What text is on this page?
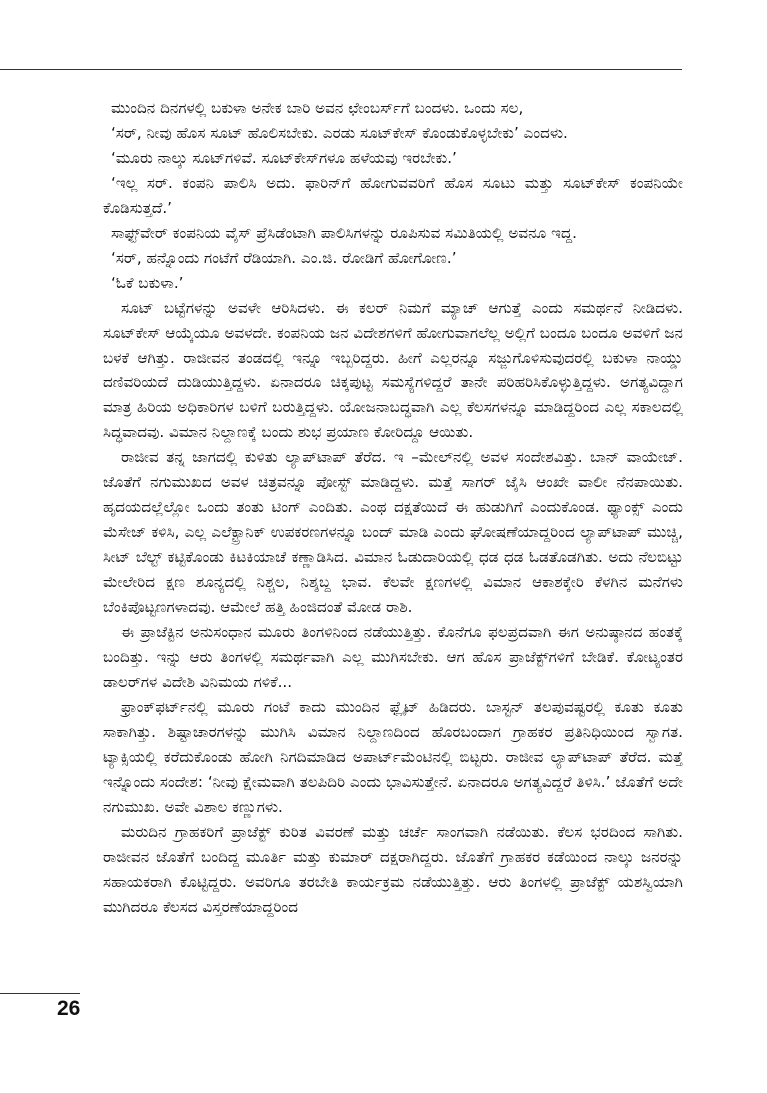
ಮುಂದಿನ ದಿನಗಳಲ್ಲಿ ಬಕುಳಾ ಅನೇಕ ಬಾರಿ ಅವನ ಛೇಂಬರ್ಸ್‌ಗೆ ಬಂದಳು. ಒಂದು ಸಲ,

‘ಸರ್, ನೀವು ಹೊಸ ಸೂಟ್ ಹೊಲಿಸಬೇಕು. ಎರಡು ಸೂಟ್‌ಕೇಸ್ ಕೊಂಡುಕೊಳ್ಳಬೇಕು’ ಎಂದಳು.

‘ಮೂರು ನಾಲ್ಕು ಸೂಟ್‌ಗಳಿವೆ. ಸೂಟ್‌ಕೇಸ್‌ಗಳೂ ಹಳೆಯವು ಇರಬೇಕು.’

‘ಇಲ್ಲ ಸರ್. ಕಂಪನಿ ಪಾಲಿಸಿ ಅದು. ಫಾರಿನ್‌ಗೆ ಹೋಗುವವರಿಗೆ ಹೊಸ ಸೂಟು ಮತ್ತು ಸೂಟ್‌ಕೇಸ್ ಕಂಪನಿಯೇ ಕೊಡಿಸುತ್ತದೆ.’

ಸಾಫ್ಟ್‌ವೇರ್ ಕಂಪನಿಯ ವೈಸ್ ಪ್ರೆಸಿಡೆಂಟಾಗಿ ಪಾಲಿಸಿಗಳನ್ನು ರೂಪಿಸುವ ಸಮಿತಿಯಲ್ಲಿ ಅವನೂ ಇದ್ದ.

‘ಸರ್, ಹನ್ನೊಂದು ಗಂಟೆಗೆ ರೆಡಿಯಾಗಿ. ಎಂ.ಜಿ. ರೋಡಿಗೆ ಹೋಗೋಣ.’

‘ಓಕೆ ಬಕುಳಾ.’

ಸೂಟ್ ಬಟ್ಟೆಗಳನ್ನು ಅವಳೇ ಆರಿಸಿದಳು. ಈ ಕಲರ್ ನಿಮಗೆ ಮ್ಯಾಚ್ ಆಗುತ್ತೆ ಎಂದು ಸಮರ್ಥನೆ ನೀಡಿದಳು. ಸೂಟ್‌ಕೇಸ್ ಆಯ್ಕೆಯೂ ಅವಳದೇ. ಕಂಪನಿಯ ಜನ ವಿದೇಶಗಳಿಗೆ ಹೋಗುವಾಗಲೆಲ್ಲ ಅಲ್ಲಿಗೆ ಬಂದೂ ಬಂದೂ ಅವಳಿಗೆ ಜನ ಬಳಕೆ ಆಗಿತ್ತು. ರಾಜೀವನ ತಂಡದಲ್ಲಿ ಇನ್ನೂ ಇಬ್ಬರಿದ್ದರು. ಹೀಗೆ ಎಲ್ಲರನ್ನೂ ಸಜ್ಜುಗೊಳಿಸುವುದರಲ್ಲಿ ಬಕುಳಾ ನಾಯ್ಡು ದಣಿವರಿಯದೆ ದುಡಿಯುತ್ತಿದ್ದಳು. ಏನಾದರೂ ಚಿಕ್ಕಪುಟ್ಟ ಸಮಸ್ಯೆಗಳಿದ್ದರೆ ತಾನೇ ಪರಿಹರಿಸಿಕೊಳ್ಳುತ್ತಿದ್ದಳು. ಅಗತ್ಯವಿದ್ದಾಗ ಮಾತ್ರ ಹಿರಿಯ ಅಧಿಕಾರಿಗಳ ಬಳಿಗೆ ಬರುತ್ತಿದ್ದಳು. ಯೋಜನಾಬದ್ಧವಾಗಿ ಎಲ್ಲ ಕೆಲಸಗಳನ್ನೂ ಮಾಡಿದ್ದರಿಂದ ಎಲ್ಲ ಸಕಾಲದಲ್ಲಿ ಸಿದ್ಧವಾದವು. ವಿಮಾನ ನಿಲ್ದಾಣಕ್ಕೆ ಬಂದು ಶುಭ ಪ್ರಯಾಣ ಕೋರಿದ್ದೂ ಆಯಿತು.

ರಾಜೀವ ತನ್ನ ಜಾಗದಲ್ಲಿ ಕುಳಿತು ಲ್ಯಾಪ್‌ಟಾಪ್ ತೆರೆದ. ಇ –ಮೇಲ್‌ನಲ್ಲಿ ಅವಳ ಸಂದೇಶವಿತ್ತು. ಬಾನ್ ವಾಯೇಜ್. ಜೊತೆಗೆ ನಗುಮುಖದ ಅವಳ ಚಿತ್ರವನ್ನೂ ಪೋಸ್ಟ್ ಮಾಡಿದ್ದಳು. ಮತ್ತೆ ಸಾಗರ್ ಜೈಸಿ ಆಂಖೇ ವಾಲೀ ನೆನಪಾಯಿತು. ಹೃದಯದಲ್ಲೆಲ್ಲೋ ಒಂದು ತಂತು ಟಿಂಗ್ ಎಂದಿತು. ಎಂಥ ದಕ್ಷತೆಯಿದೆ ಈ ಹುಡುಗಿಗೆ ಎಂದುಕೊಂಡ. ಥ್ಯಾಂಕ್ಸ್ ಎಂದು ಮೆಸೇಜ್ ಕಳಿಸಿ, ಎಲ್ಲ ಎಲೆಕ್ಟ್ರಾನಿಕ್ ಉಪಕರಣಗಳನ್ನೂ ಬಂದ್ ಮಾಡಿ ಎಂದು ಘೋಷಣೆಯಾದ್ದರಿಂದ ಲ್ಯಾಪ್‌ಟಾಪ್ ಮುಚ್ಚಿ, ಸೀಟ್ ಬೆಲ್ಟ್ ಕಟ್ಟಿಕೊಂಡು ಕಿಟಕಿಯಾಚೆ ಕಣ್ಣಾಡಿಸಿದ. ವಿಮಾನ ಓಡುದಾರಿಯಲ್ಲಿ ಧಡ ಧಡ ಓಡತೊಡಗಿತು. ಅದು ನೆಲಬಿಟ್ಟು ಮೇಲೇರಿದ ಕ್ಷಣ ಶೂನ್ಯದಲ್ಲಿ ನಿಶ್ಚಲ, ನಿಶ್ಶಬ್ದ ಭಾವ. ಕೆಲವೇ ಕ್ಷಣಗಳಲ್ಲಿ ವಿಮಾನ ಆಕಾಶಕ್ಕೇರಿ ಕೆಳಗಿನ ಮನೆಗಳು ಬೆಂಕಿಪೊಟ್ಟಣಗಳಾದವು. ಆಮೇಲೆ ಹತ್ತಿ ಹಿಂಜಿದಂತೆ ಮೋಡ ರಾಶಿ.

ಈ ಪ್ರಾಜೆಕ್ಟಿನ ಅನುಸಂಧಾನ ಮೂರು ತಿಂಗಳಿನಿಂದ ನಡೆಯುತ್ತಿತ್ತು. ಕೊನೆಗೂ ಫಲಪ್ರದವಾಗಿ ಈಗ ಅನುಷ್ಠಾನದ ಹಂತಕ್ಕೆ ಬಂದಿತ್ತು. ಇನ್ನು ಆರು ತಿಂಗಳಲ್ಲಿ ಸಮರ್ಥವಾಗಿ ಎಲ್ಲ ಮುಗಿಸಬೇಕು. ಆಗ ಹೊಸ ಪ್ರಾಜೆಕ್ಟ್‌ಗಳಿಗೆ ಬೇಡಿಕೆ. ಕೋಟ್ಯಂತರ ಡಾಲರ್‌ಗಳ ವಿದೇಶಿ ವಿನಿಮಯ ಗಳಿಕೆ...

ಫ್ರಾಂಕ್‌ಫರ್ಟ್‌ನಲ್ಲಿ ಮೂರು ಗಂಟೆ ಕಾದು ಮುಂದಿನ ಫ್ಲೈಟ್ ಹಿಡಿದರು. ಬಾಸ್ಟನ್ ತಲಪುವಷ್ಟರಲ್ಲಿ ಕೂತು ಕೂತು ಸಾಕಾಗಿತ್ತು. ಶಿಷ್ಟಾಚಾರಗಳನ್ನು ಮುಗಿಸಿ ವಿಮಾನ ನಿಲ್ದಾಣದಿಂದ ಹೊರಬಂದಾಗ ಗ್ರಾಹಕರ ಪ್ರತಿನಿಧಿಯಿಂದ ಸ್ವಾಗತ. ಟ್ಯಾಕ್ಸಿಯಲ್ಲಿ ಕರೆದುಕೊಂಡು ಹೋಗಿ ನಿಗದಿಮಾಡಿದ ಅಪಾರ್ಟ್‌ಮೆಂಟಿನಲ್ಲಿ ಬಿಟ್ಟರು. ರಾಜೀವ ಲ್ಯಾಪ್‌ಟಾಪ್ ತೆರೆದ. ಮತ್ತೆ ಇನ್ನೊಂದು ಸಂದೇಶ: ‘ನೀವು ಕ್ಷೇಮವಾಗಿ ತಲಪಿದಿರಿ ಎಂದು ಭಾವಿಸುತ್ತೇನೆ. ಏನಾದರೂ ಅಗತ್ಯವಿದ್ದರೆ ತಿಳಿಸಿ.’ ಜೊತೆಗೆ ಅದೇ ನಗುಮುಖ. ಅವೇ ವಿಶಾಲ ಕಣ್ಣುಗಳು.

ಮರುದಿನ ಗ್ರಾಹಕರಿಗೆ ಪ್ರಾಜೆಕ್ಟ್ ಕುರಿತ ವಿವರಣೆ ಮತ್ತು ಚರ್ಚೆ ಸಾಂಗವಾಗಿ ನಡೆಯಿತು. ಕೆಲಸ ಭರದಿಂದ ಸಾಗಿತು. ರಾಜೀವನ ಜೊತೆಗೆ ಬಂದಿದ್ದ ಮೂರ್ತಿ ಮತ್ತು ಕುಮಾರ್ ದಕ್ಷರಾಗಿದ್ದರು. ಜೊತೆಗೆ ಗ್ರಾಹಕರ ಕಡೆಯಿಂದ ನಾಲ್ಕು ಜನರನ್ನು ಸಹಾಯಕರಾಗಿ ಕೊಟ್ಟಿದ್ದರು. ಅವರಿಗೂ ತರಬೇತಿ ಕಾರ್ಯಕ್ರಮ ನಡೆಯುತ್ತಿತ್ತು. ಆರು ತಿಂಗಳಲ್ಲಿ ಪ್ರಾಜೆಕ್ಟ್ ಯಶಸ್ವಿಯಾಗಿ ಮುಗಿದರೂ ಕೆಲಸದ ವಿಸ್ತರಣೆಯಾದ್ದರಿಂದ

26
